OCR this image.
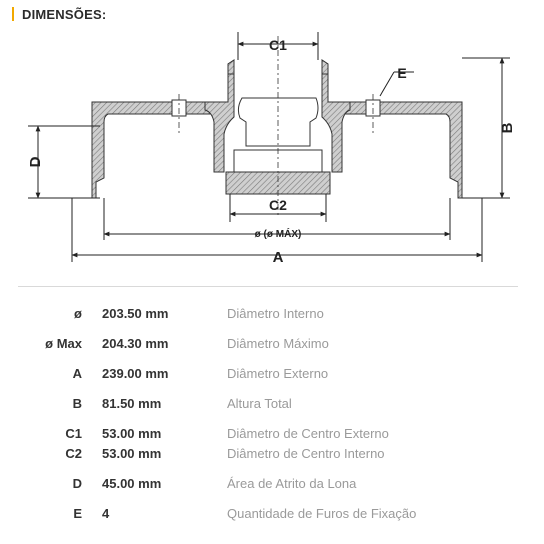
DIMENSÕES:
C1
E
B
D
C2
ø (ø MÁX)
A
ø 203.50 mm	Diâmetro Interno
ø Max 204.30 mm	Diâmetro Máximo
A 239.00 mm	Diâmetro Externo
B 81.50 mm	Altura Total
C1 53.00 mm	Diâmetro de Centro Externo
C2 53.00 mm	Diâmetro de Centro Interno
D 45.00 mm	Área de Atrito da Lona
E 4	Quantidade de Furos de Fixação
